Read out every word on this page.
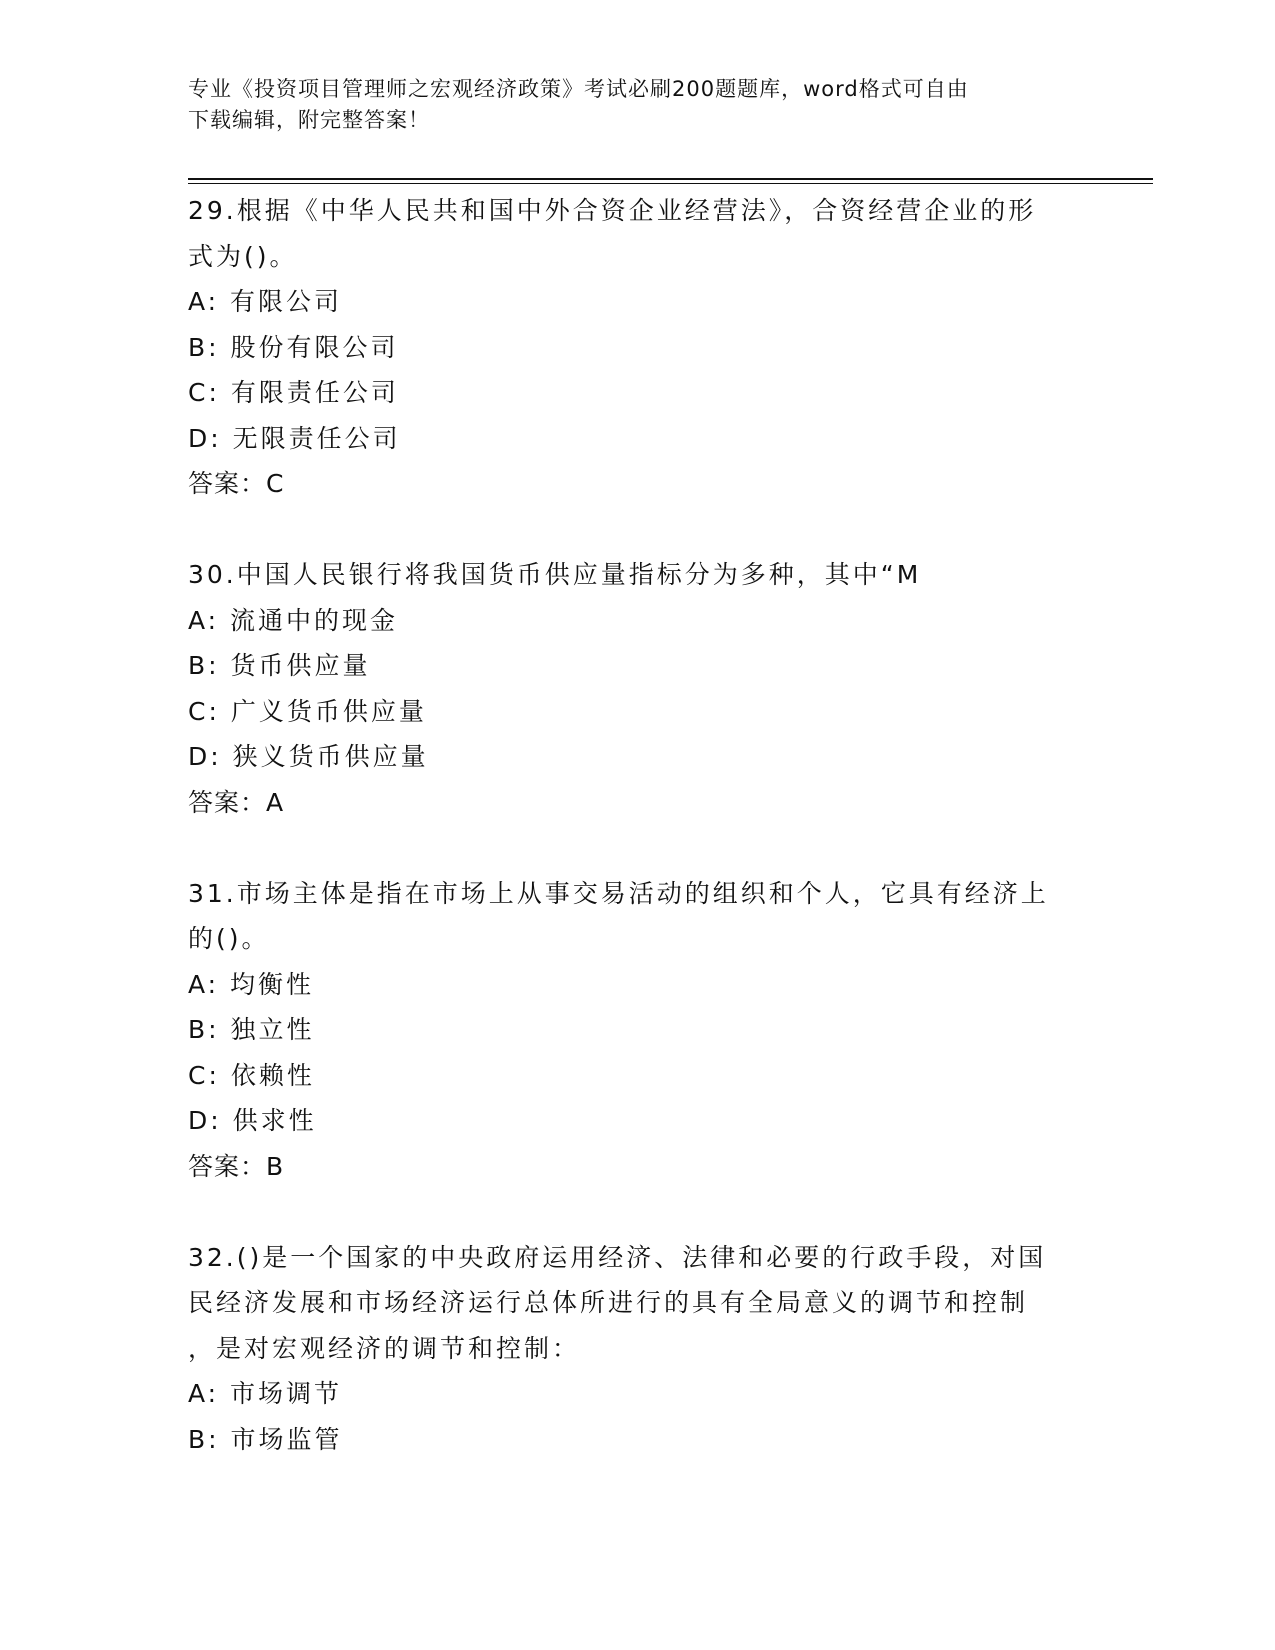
专业《投资项目管理师之宏观经济政策》考试必刷200题题库，word格式可自由

下载编辑，附完整答案！

29.根据《中华人民共和国中外合资企业经营法》，合资经营企业的形

式为()。

A: 有限公司

B: 股份有限公司

C: 有限责任公司

D: 无限责任公司

答案：C

30.中国人民银行将我国货币供应量指标分为多种，其中“M

A: 流通中的现金

B: 货币供应量

C: 广义货币供应量

D: 狭义货币供应量

答案：A

31.市场主体是指在市场上从事交易活动的组织和个人，它具有经济上

的()。

A: 均衡性

B: 独立性

C: 依赖性

D: 供求性

答案：B

32.()是一个国家的中央政府运用经济、法律和必要的行政手段，对国

民经济发展和市场经济运行总体所进行的具有全局意义的调节和控制

，是对宏观经济的调节和控制：

A: 市场调节

B: 市场监管
